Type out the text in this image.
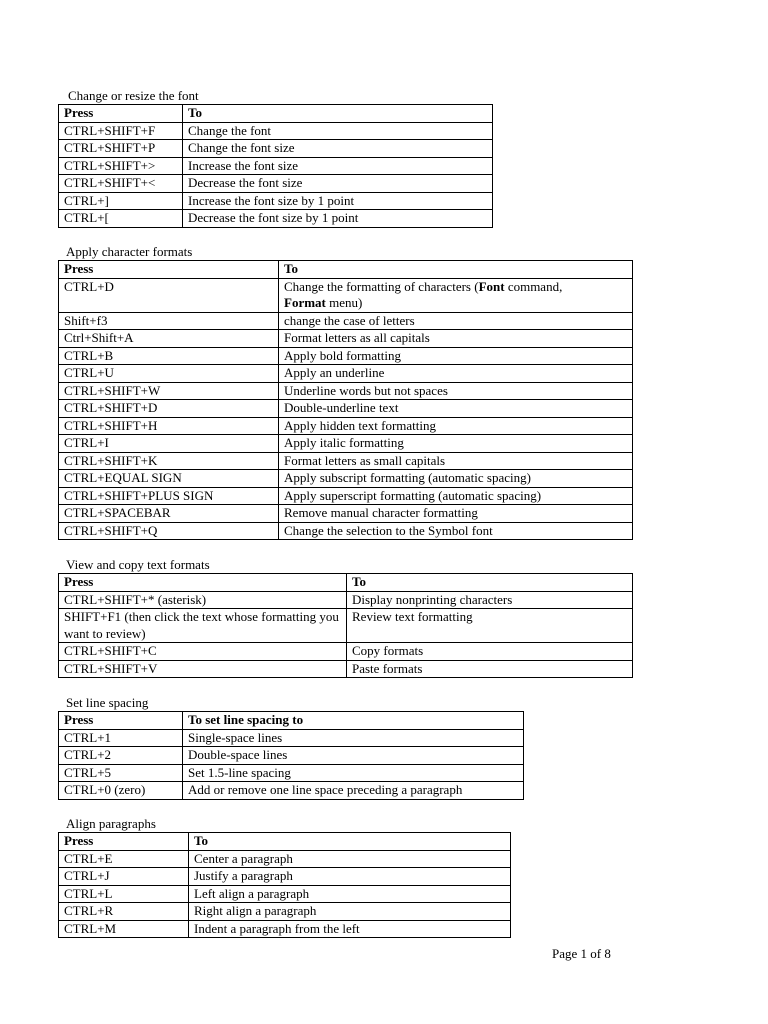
Change or resize the font
Press	To
CTRL+SHIFT+F	Change the font
CTRL+SHIFT+P	Change the font size
CTRL+SHIFT+>	Increase the font size
CTRL+SHIFT+<	Decrease the font size
CTRL+]	Increase the font size by 1 point
CTRL+[	Decrease the font size by 1 point
Apply character formats
Press	To
CTRL+D	Change the formatting of characters (Font command,
Format menu)
Shift+f3	change the case of letters
Ctrl+Shift+A	Format letters as all capitals
CTRL+B	Apply bold formatting
CTRL+U	Apply an underline
CTRL+SHIFT+W	Underline words but not spaces
CTRL+SHIFT+D	Double-underline text
CTRL+SHIFT+H	Apply hidden text formatting
CTRL+I	Apply italic formatting
CTRL+SHIFT+K	Format letters as small capitals
CTRL+EQUAL SIGN	Apply subscript formatting (automatic spacing)
CTRL+SHIFT+PLUS SIGN	Apply superscript formatting (automatic spacing)
CTRL+SPACEBAR	Remove manual character formatting
CTRL+SHIFT+Q	Change the selection to the Symbol font
View and copy text formats
Press	To
CTRL+SHIFT+* (asterisk)	Display nonprinting characters
SHIFT+F1 (then click the text whose formatting you want to review)	Review text formatting
CTRL+SHIFT+C	Copy formats
CTRL+SHIFT+V	Paste formats
Set line spacing
Press	To set line spacing to
CTRL+1	Single-space lines
CTRL+2	Double-space lines
CTRL+5	Set 1.5-line spacing
CTRL+0 (zero)	Add or remove one line space preceding a paragraph
Align paragraphs
Press	To
CTRL+E	Center a paragraph
CTRL+J	Justify a paragraph
CTRL+L	Left align a paragraph
CTRL+R	Right align a paragraph
CTRL+M	Indent a paragraph from the left
Page 1 of 8
